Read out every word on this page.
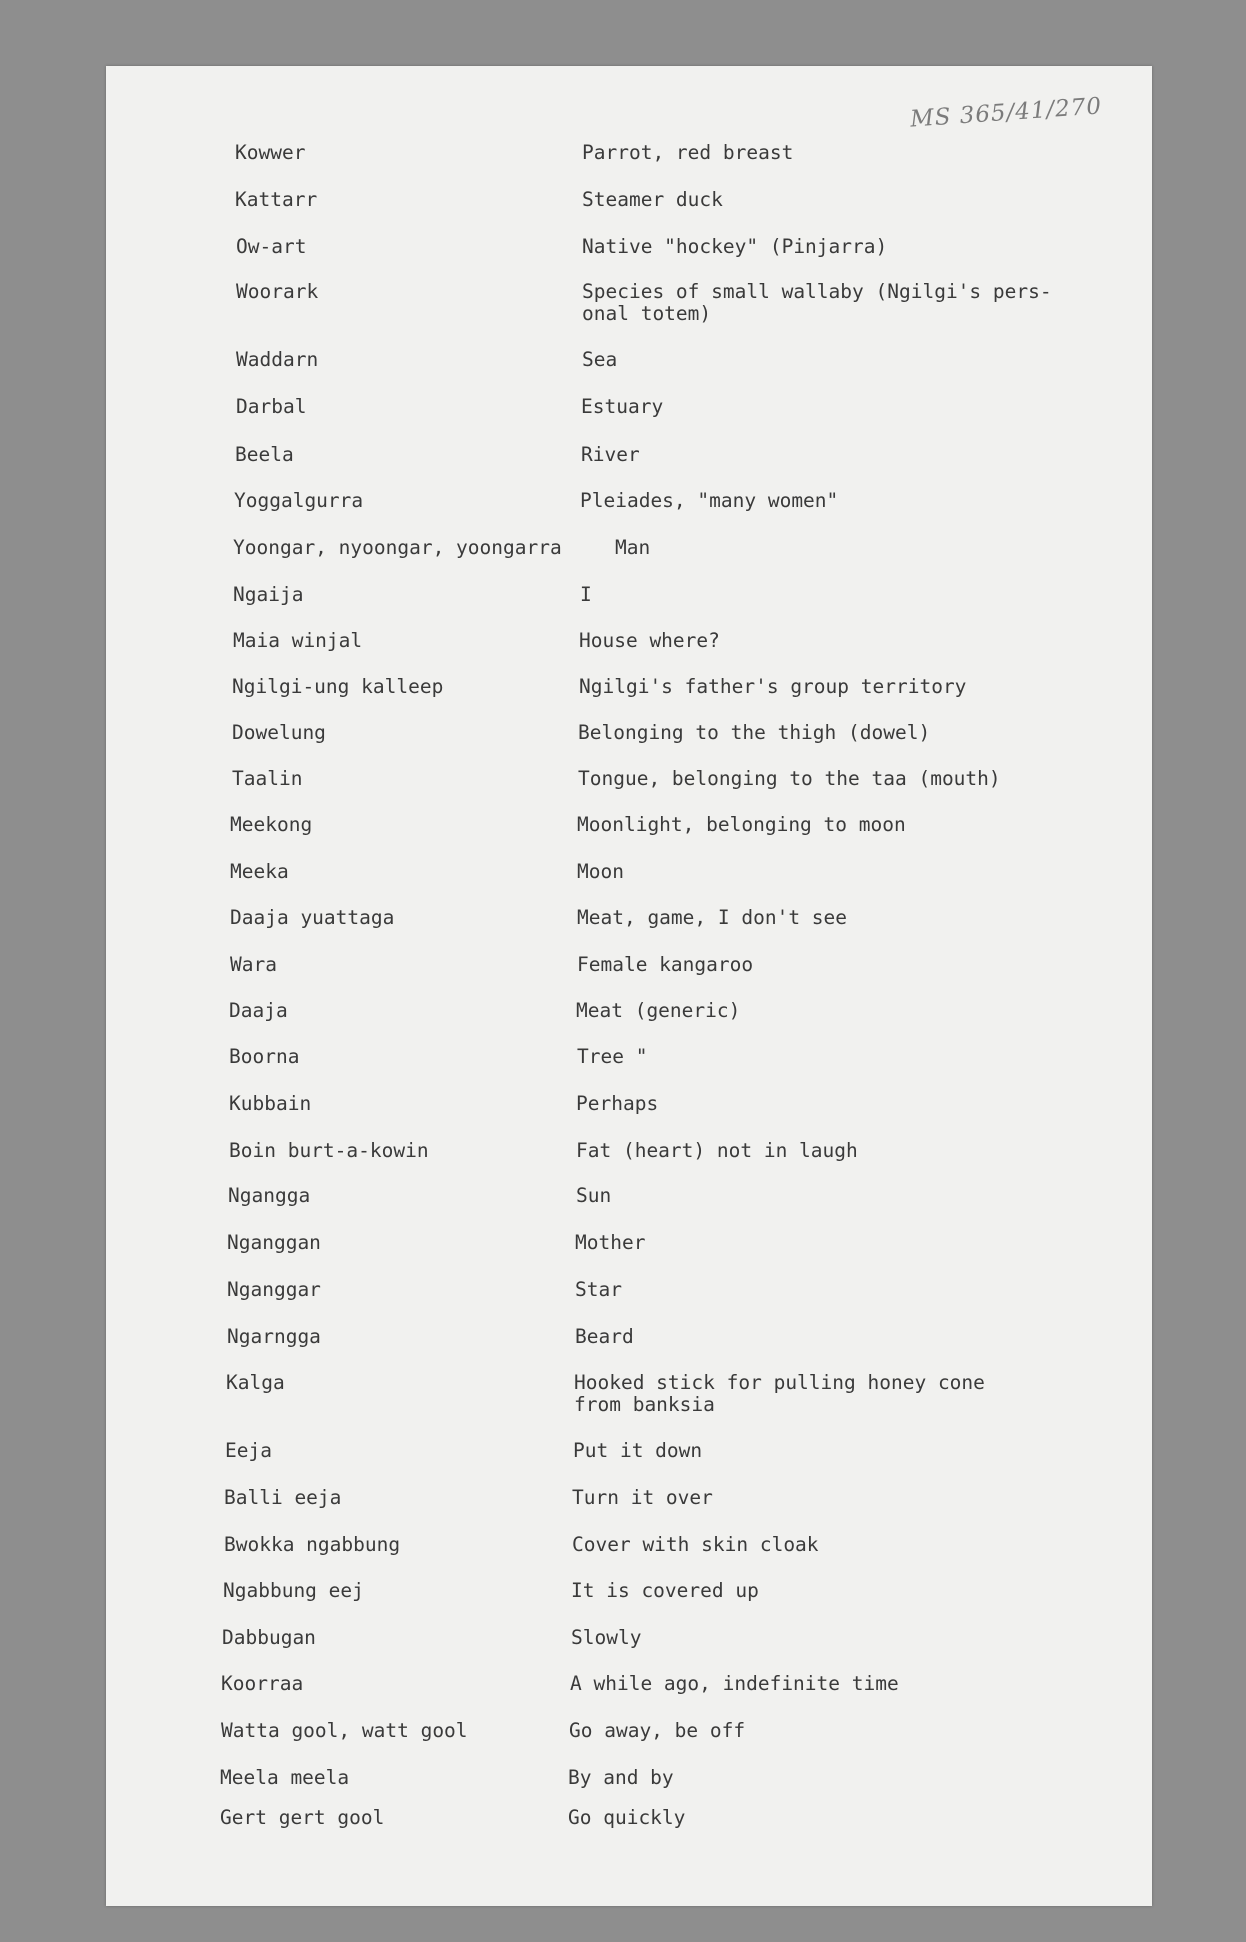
MS 365/41/270
Kowwer	Parrot, red breast
Kattarr	Steamer duck
Ow-art	Native "hockey" (Pinjarra)
Woorark	Species of small wallaby (Ngilgi's pers-
onal totem)
Waddarn	Sea
Darbal	Estuary
Beela	River
Yoggalgurra	Pleiades, "many women"
Yoongar, nyoongar, yoongarra	Man
Ngaija	I
Maia winjal	House where?
Ngilgi-ung kalleep	Ngilgi's father's group territory
Dowelung	Belonging to the thigh (dowel)
Taalin	Tongue, belonging to the taa (mouth)
Meekong	Moonlight, belonging to moon
Meeka	Moon
Daaja yuattaga	Meat, game, I don't see
Wara	Female kangaroo
Daaja	Meat (generic)
Boorna	Tree "
Kubbain	Perhaps
Boin burt-a-kowin	Fat (heart) not in laugh
Ngangga	Sun
Nganggan	Mother
Nganggar	Star
Ngarngga	Beard
Kalga	Hooked stick for pulling honey cone
from banksia
Eeja	Put it down
Balli eeja	Turn it over
Bwokka ngabbung	Cover with skin cloak
Ngabbung eej	It is covered up
Dabbugan	Slowly
Koorraa	A while ago, indefinite time
Watta gool, watt gool	Go away, be off
Meela meela	By and by
Gert gert gool	Go quickly
